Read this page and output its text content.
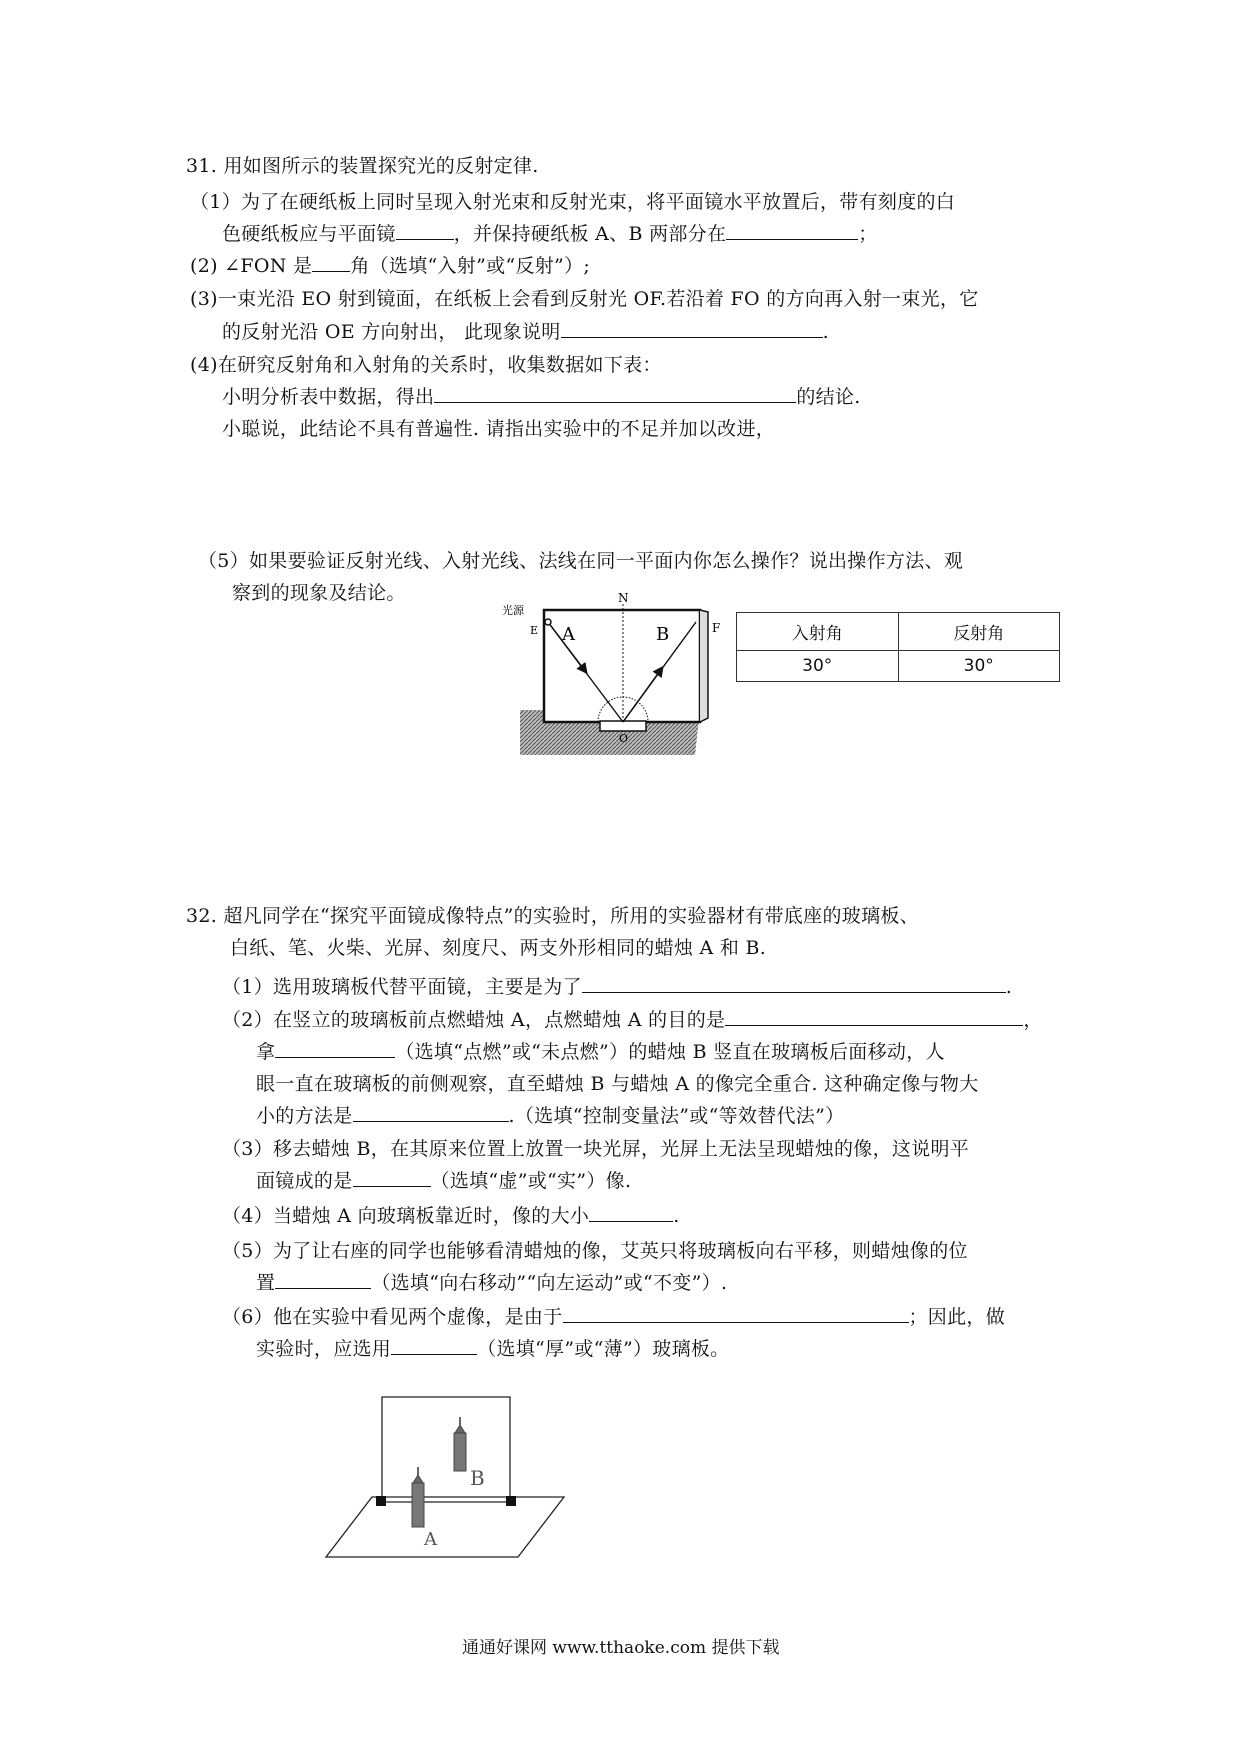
31. 用如图所示的装置探究光的反射定律.
（1）为了在硬纸板上同时呈现入射光束和反射光束，将平面镜水平放置后，带有刻度的白
色硬纸板应与平面镜	，并保持硬纸板 A、B 两部分在	；
(2) ∠FON 是 角（选填“入射”或“反射”）;
(3)一束光沿 EO 射到镜面，在纸板上会看到反射光 OF.若沿着 FO 的方向再入射一束光，它
的反射光沿 OE 方向射出， 此现象说明	.
(4)在研究反射角和入射角的关系时，收集数据如下表：
小明分析表中数据，得出	的结论.
小聪说，此结论不具有普遍性. 请指出实验中的不足并加以改进，
（5）如果要验证反射光线、入射光线、法线在同一平面内你怎么操作？说出操作方法、观
察到的现象及结论。
光源
E A
N
B	F
O
入射角	反射角
30°	30°
32. 超凡同学在“探究平面镜成像特点”的实验时，所用的实验器材有带底座的玻璃板、
白纸、笔、火柴、光屏、刻度尺、两支外形相同的蜡烛 A 和 B.
（1）选用玻璃板代替平面镜，主要是为了	.
（2）在竖立的玻璃板前点燃蜡烛 A，点燃蜡烛 A 的目的是	，
拿	（选填“点燃”或“未点燃”）的蜡烛 B 竖直在玻璃板后面移动，人
眼一直在玻璃板的前侧观察，直至蜡烛 B 与蜡烛 A 的像完全重合. 这种确定像与物大
小的方法是	.（选填“控制变量法”或“等效替代法”）
（3）移去蜡烛 B，在其原来位置上放置一块光屏，光屏上无法呈现蜡烛的像，这说明平
面镜成的是	（选填“虚”或“实”）像.
（4）当蜡烛 A 向玻璃板靠近时，像的大小	.
（5）为了让右座的同学也能够看清蜡烛的像，艾英只将玻璃板向右平移，则蜡烛像的位
置	（选填“向右移动”“向左运动”或“不变”）.
（6）他在实验中看见两个虚像，是由于	；因此，做
实验时，应选用	（选填“厚”或“薄”）玻璃板。
B
A
通通好课网 www.tthaoke.com 提供下载
